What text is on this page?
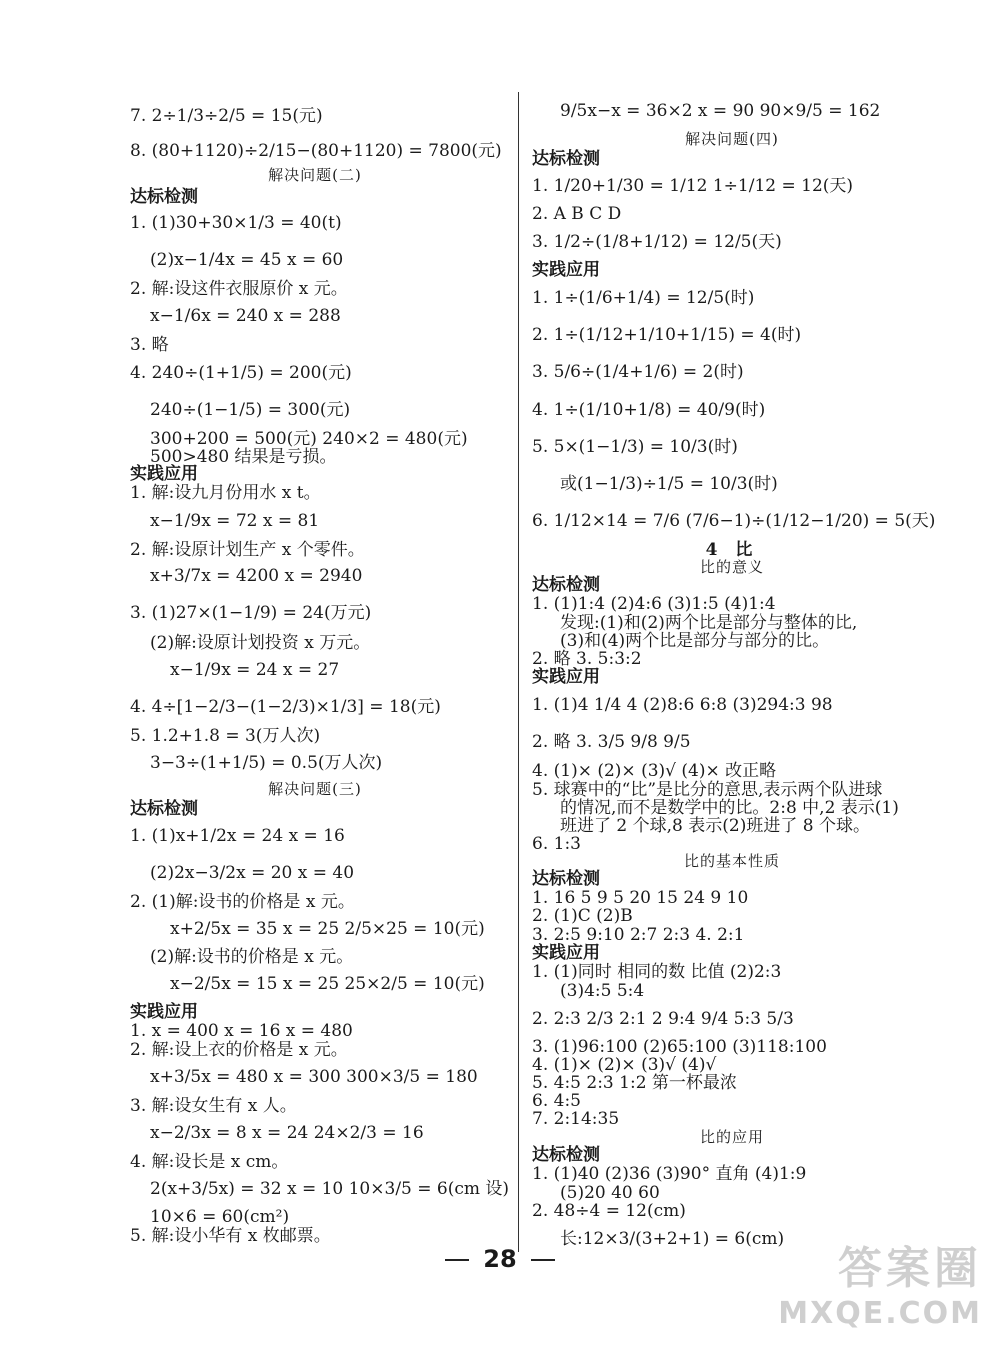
7. 2÷1/3÷2/5 = 15(元)
8. (80+1120)÷2/15−(80+1120) = 7800(元)
解决问题(二)
达标检测
1. (1)30+30×1/3 = 40(t)
(2)x−1/4x = 45 x = 60
2. 解:设这件衣服原价 x 元。
x−1/6x = 240 x = 288
3. 略
4. 240÷(1+1/5) = 200(元)
240÷(1−1/5) = 300(元)
300+200 = 500(元) 240×2 = 480(元)
500>480 结果是亏损。
实践应用
1. 解:设九月份用水 x t。
x−1/9x = 72 x = 81
2. 解:设原计划生产 x 个零件。
x+3/7x = 4200 x = 2940
3. (1)27×(1−1/9) = 24(万元)
(2)解:设原计划投资 x 万元。
x−1/9x = 24 x = 27
4. 4÷[1−2/3−(1−2/3)×1/3] = 18(元)
5. 1.2+1.8 = 3(万人次)
3−3÷(1+1/5) = 0.5(万人次)
解决问题(三)
达标检测
1. (1)x+1/2x = 24 x = 16
(2)2x−3/2x = 20 x = 40
2. (1)解:设书的价格是 x 元。
x+2/5x = 35 x = 25 2/5×25 = 10(元)
(2)解:设书的价格是 x 元。
x−2/5x = 15 x = 25 25×2/5 = 10(元)
实践应用
1. x = 400 x = 16 x = 480
2. 解:设上衣的价格是 x 元。
x+3/5x = 480 x = 300 300×3/5 = 180
3. 解:设女生有 x 人。
x−2/3x = 8 x = 24 24×2/3 = 16
4. 解:设长是 x cm。
2(x+3/5x) = 32 x = 10 10×3/5 = 6(cm 设)
10×6 = 60(cm²)
5. 解:设小华有 x 枚邮票。
9/5x−x = 36×2 x = 90 90×9/5 = 162
解决问题(四)
达标检测
1. 1/20+1/30 = 1/12 1÷1/12 = 12(天)
2. A B C D
3. 1/2÷(1/8+1/12) = 12/5(天)
实践应用
1. 1÷(1/6+1/4) = 12/5(时)
2. 1÷(1/12+1/10+1/15) = 4(时)
3. 5/6÷(1/4+1/6) = 2(时)
4. 1÷(1/10+1/8) = 40/9(时)
5. 5×(1−1/3) = 10/3(时)
或(1−1/3)÷1/5 = 10/3(时)
6. 1/12×14 = 7/6 (7/6−1)÷(1/12−1/20) = 5(天)
4 比
比的意义
达标检测
1. (1)1:4 (2)4:6 (3)1:5 (4)1:4
发现:(1)和(2)两个比是部分与整体的比,
(3)和(4)两个比是部分与部分的比。
2. 略 3. 5:3:2
实践应用
1. (1)4 1/4 4 (2)8:6 6:8 (3)294:3 98
2. 略 3. 3/5 9/8 9/5
4. (1)× (2)× (3)√ (4)× 改正略
5. 球赛中的“比”是比分的意思,表示两个队进球
的情况,而不是数学中的比。2:8 中,2 表示(1)
班进了 2 个球,8 表示(2)班进了 8 个球。
6. 1:3
比的基本性质
达标检测
1. 16 5 9 5 20 15 24 9 10
2. (1)C (2)B
3. 2:5 9:10 2:7 2:3 4. 2:1
实践应用
1. (1)同时 相同的数 比值 (2)2:3
(3)4:5 5:4
2. 2:3 2/3 2:1 2 9:4 9/4 5:3 5/3
3. (1)96:100 (2)65:100 (3)118:100
4. (1)× (2)× (3)√ (4)√
5. 4:5 2:3 1:2 第一杯最浓
6. 4:5
7. 2:14:35
比的应用
达标检测
1. (1)40 (2)36 (3)90° 直角 (4)1:9
(5)20 40 60
2. 48÷4 = 12(cm)
长:12×3/(3+2+1) = 6(cm)
28	答案圈
MXQE.COM
